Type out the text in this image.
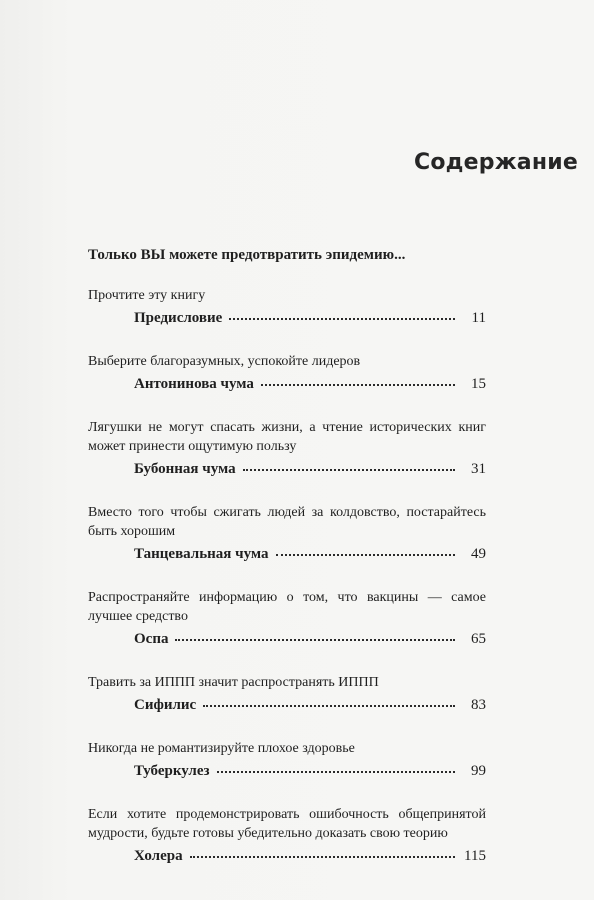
Содержание
Только ВЫ можете предотвратить эпидемию...
Прочтите эту книгу
Предисловие	11
Выберите благоразумных, успокойте лидеров
Антонинова чума	15
Лягушки не могут спасать жизни, а чтение исторических книг может принести ощутимую пользу
Бубонная чума	31
Вместо того чтобы сжигать людей за колдовство, постарайтесь быть хорошим
Танцевальная чума	49
Распространяйте информацию о том, что вакцины — самое лучшее средство
Оспа	65
Травить за ИППП значит распространять ИППП
Сифилис	83
Никогда не романтизируйте плохое здоровье
Туберкулез	99
Если хотите продемонстрировать ошибочность общепринятой мудрости, будьте готовы убедительно доказать свою теорию
Холера	115
